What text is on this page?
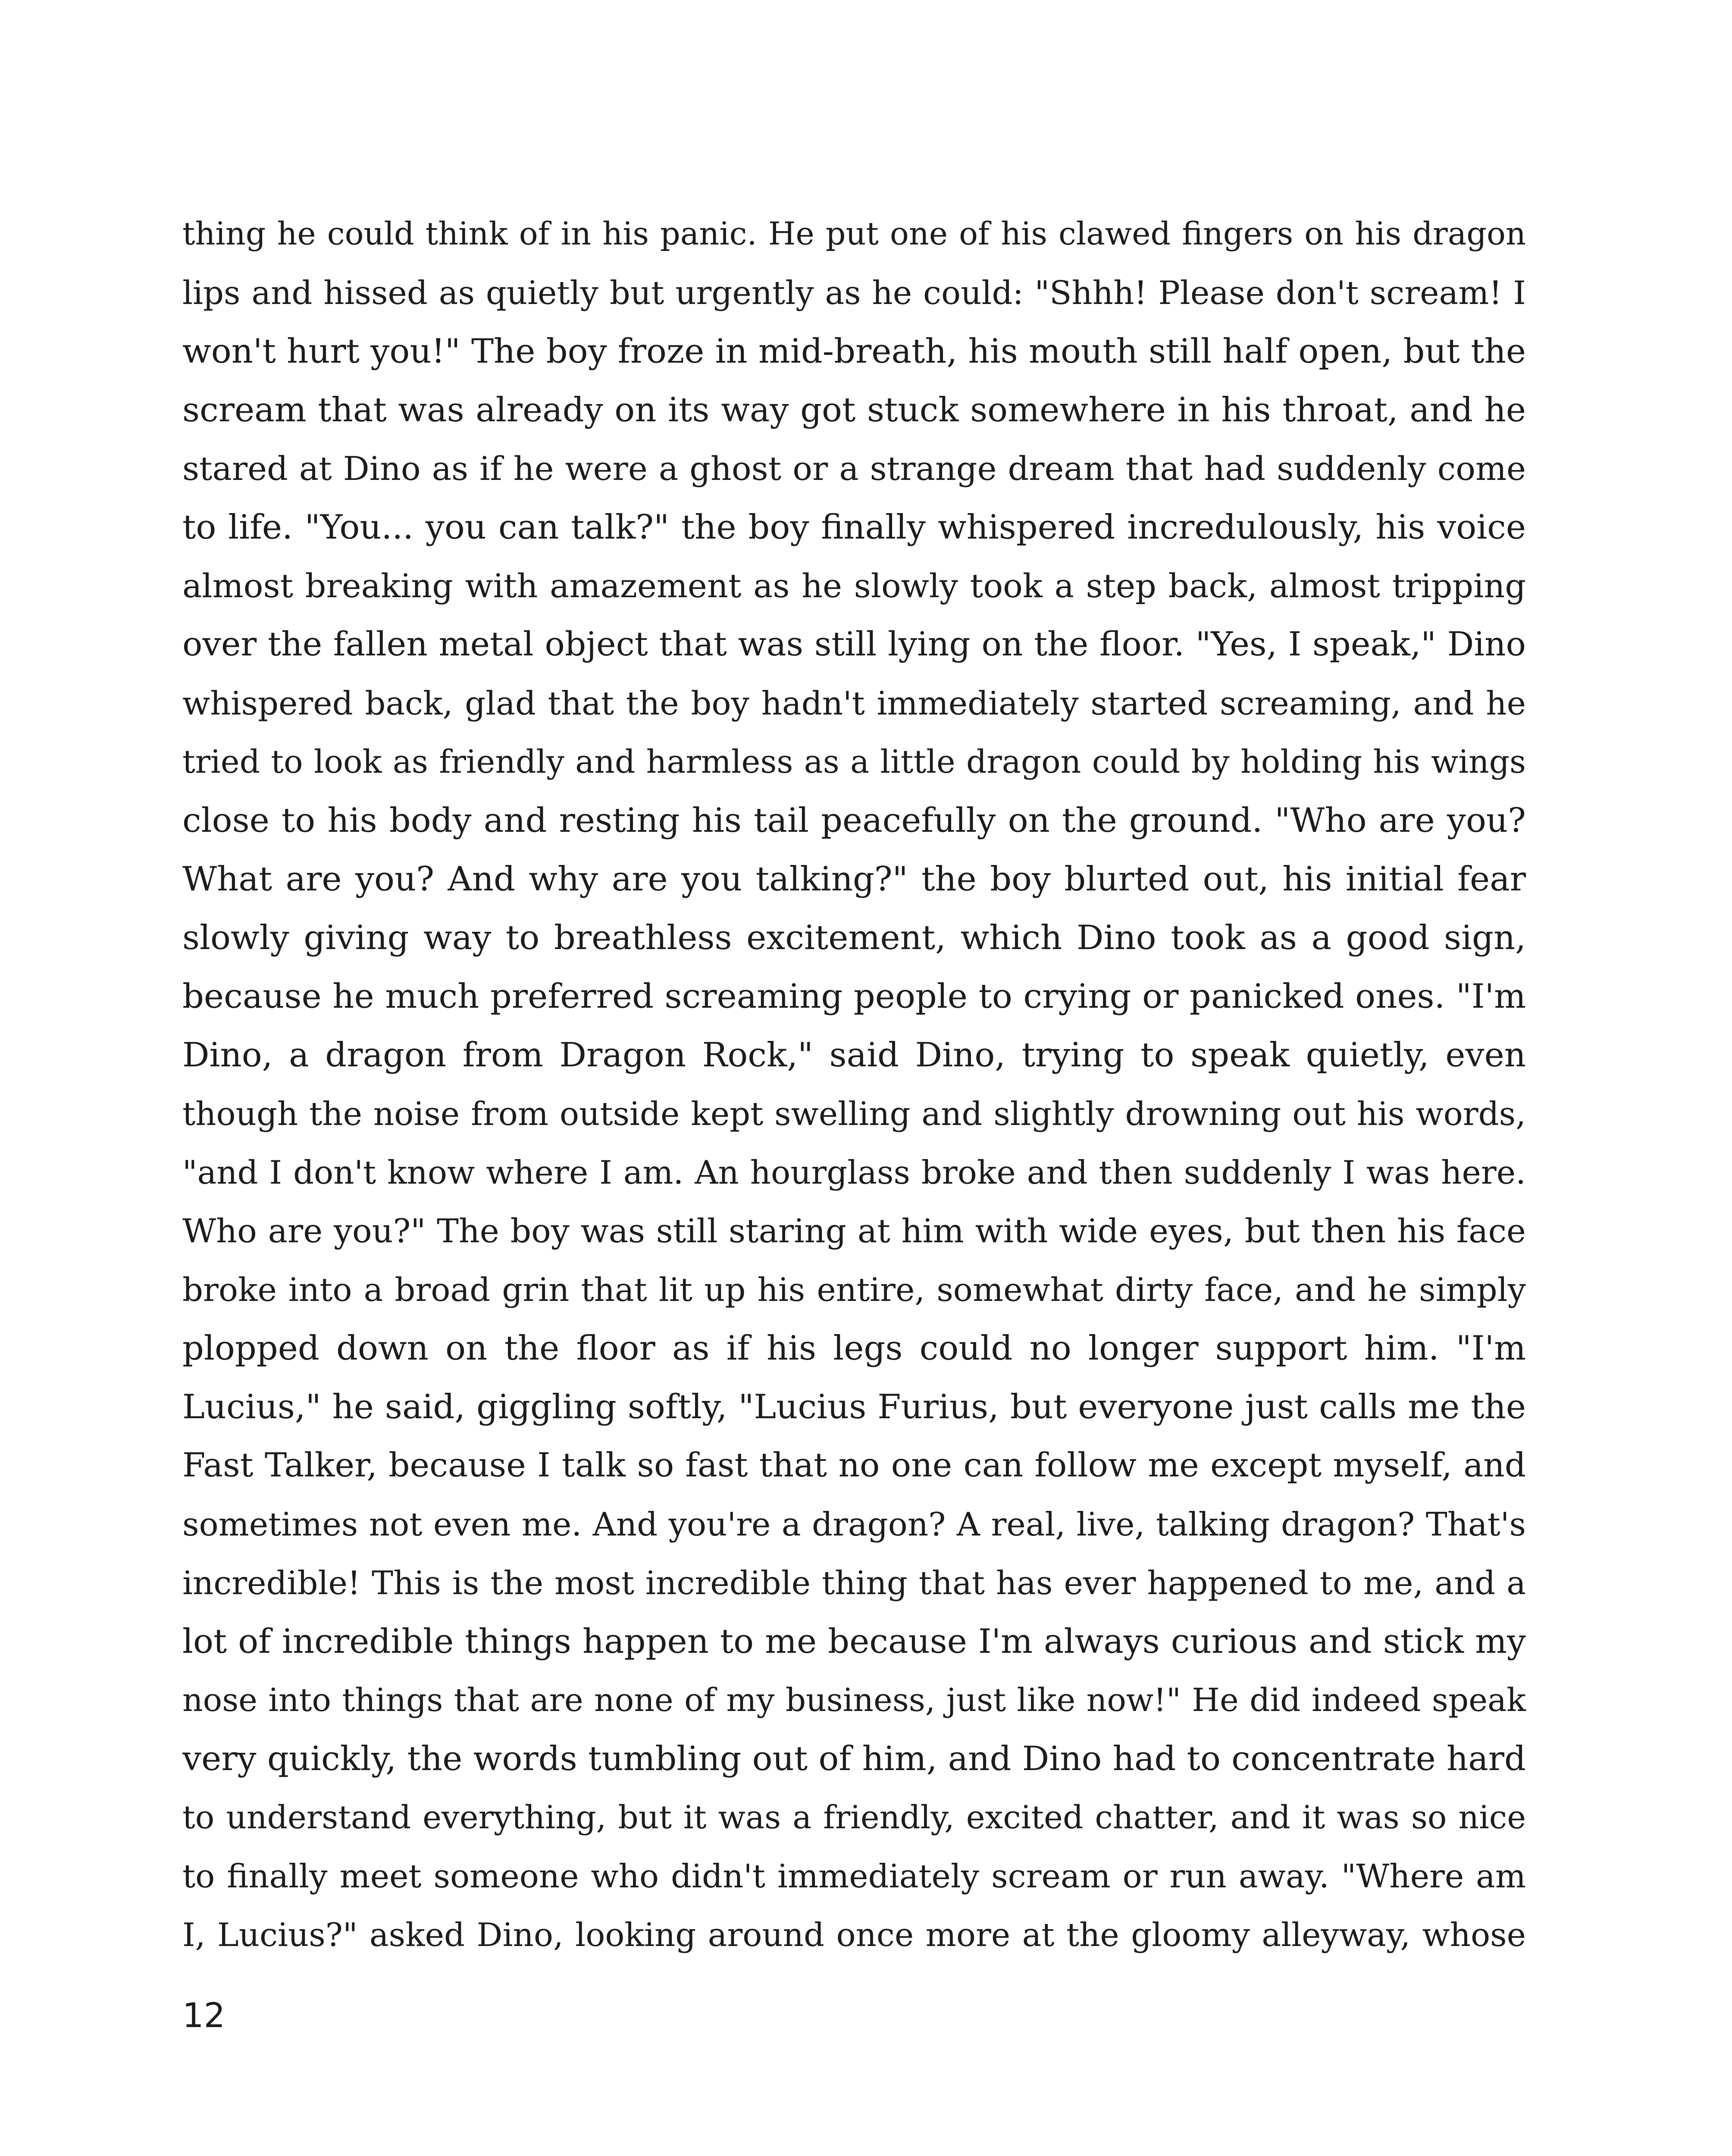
thing he could think of in his panic. He put one of his clawed fingers on his dragon
lips and hissed as quietly but urgently as he could: "Shhh! Please don't scream! I
won't hurt you!" The boy froze in mid-breath, his mouth still half open, but the
scream that was already on its way got stuck somewhere in his throat, and he
stared at Dino as if he were a ghost or a strange dream that had suddenly come
to life. "You... you can talk?" the boy finally whispered incredulously, his voice
almost breaking with amazement as he slowly took a step back, almost tripping
over the fallen metal object that was still lying on the floor. "Yes, I speak," Dino
whispered back, glad that the boy hadn't immediately started screaming, and he
tried to look as friendly and harmless as a little dragon could by holding his wings
close to his body and resting his tail peacefully on the ground. "Who are you?
What are you? And why are you talking?" the boy blurted out, his initial fear
slowly giving way to breathless excitement, which Dino took as a good sign,
because he much preferred screaming people to crying or panicked ones. "I'm
Dino, a dragon from Dragon Rock," said Dino, trying to speak quietly, even
though the noise from outside kept swelling and slightly drowning out his words,
"and I don't know where I am. An hourglass broke and then suddenly I was here.
Who are you?" The boy was still staring at him with wide eyes, but then his face
broke into a broad grin that lit up his entire, somewhat dirty face, and he simply
plopped down on the floor as if his legs could no longer support him. "I'm
Lucius," he said, giggling softly, "Lucius Furius, but everyone just calls me the
Fast Talker, because I talk so fast that no one can follow me except myself, and
sometimes not even me. And you're a dragon? A real, live, talking dragon? That's
incredible! This is the most incredible thing that has ever happened to me, and a
lot of incredible things happen to me because I'm always curious and stick my
nose into things that are none of my business, just like now!" He did indeed speak
very quickly, the words tumbling out of him, and Dino had to concentrate hard
to understand everything, but it was a friendly, excited chatter, and it was so nice
to finally meet someone who didn't immediately scream or run away. "Where am
I, Lucius?" asked Dino, looking around once more at the gloomy alleyway, whose
12
